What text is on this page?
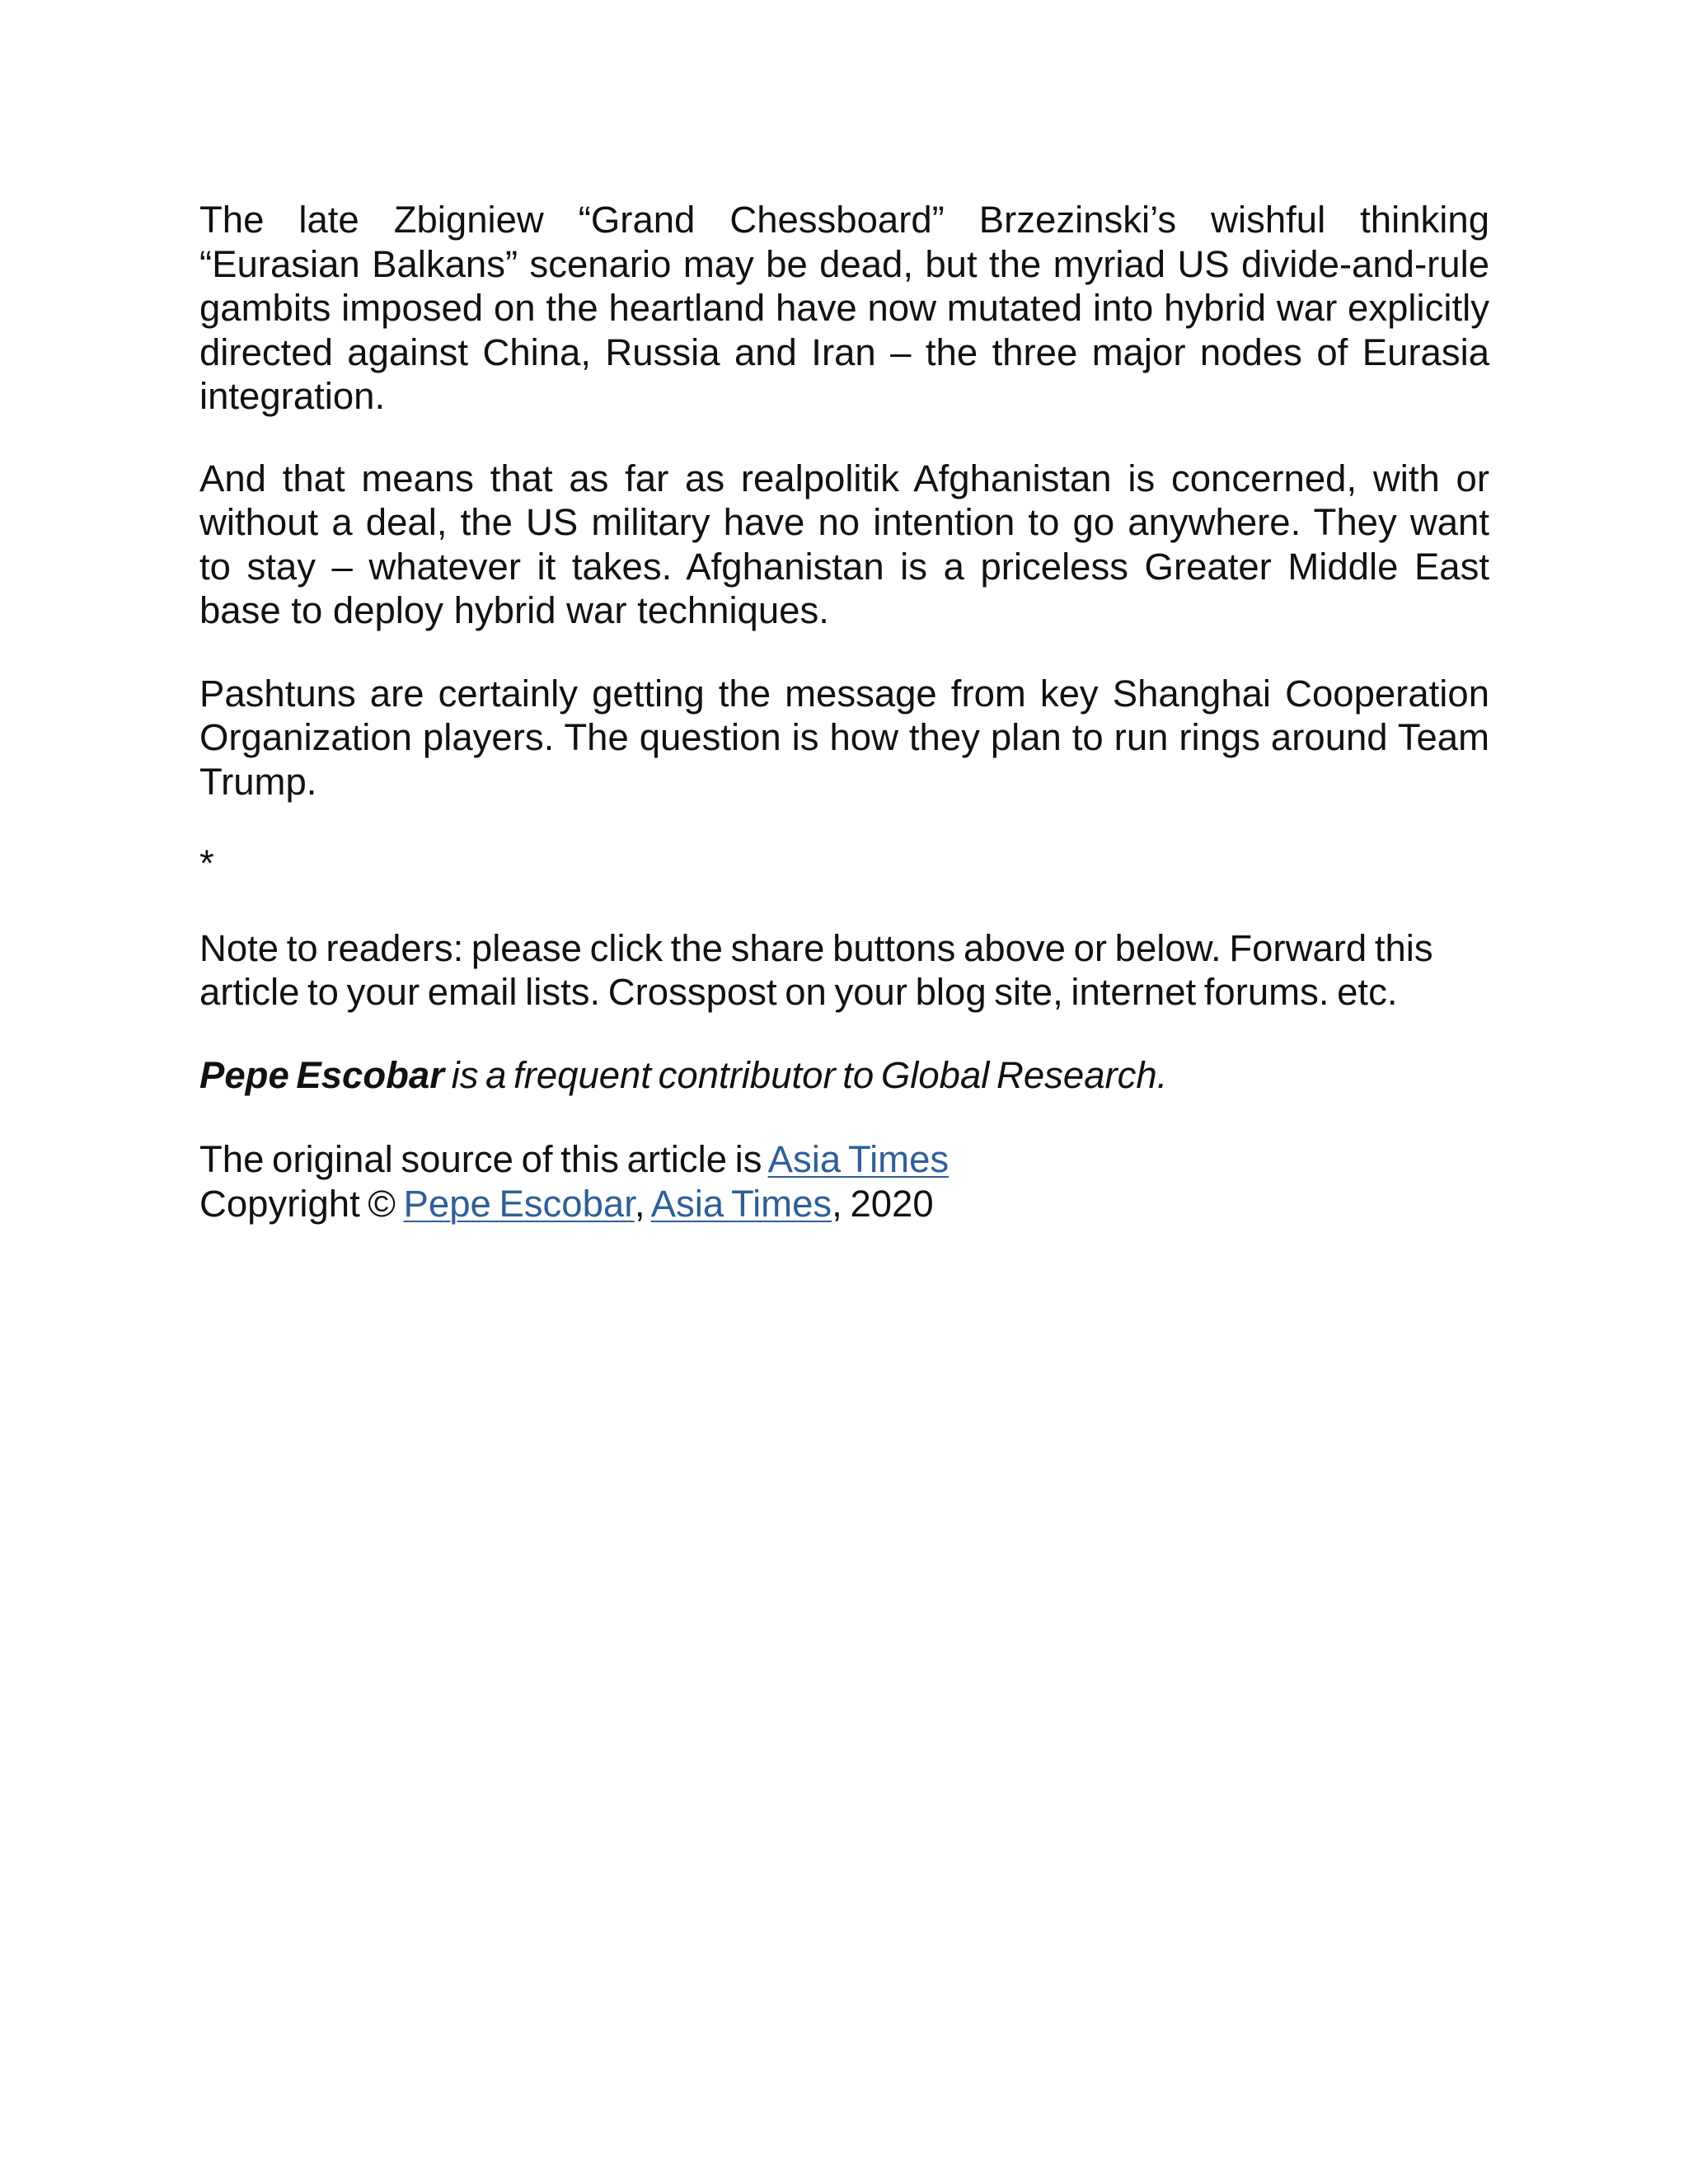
The late Zbigniew “Grand Chessboard” Brzezinski’s wishful thinking “Eurasian Balkans” scenario may be dead, but the myriad US divide-and-rule gambits imposed on the heartland have now mutated into hybrid war explicitly directed against China, Russia and Iran – the three major nodes of Eurasia integration.

And that means that as far as realpolitik Afghanistan is concerned, with or without a deal, the US military have no intention to go anywhere. They want to stay – whatever it takes. Afghanistan is a priceless Greater Middle East base to deploy hybrid war techniques.

Pashtuns are certainly getting the message from key Shanghai Cooperation Organization players. The question is how they plan to run rings around Team Trump.

*

Note to readers: please click the share buttons above or below. Forward this article to your email lists. Crosspost on your blog site, internet forums. etc.

Pepe Escobar is a frequent contributor to Global Research.

The original source of this article is Asia Times

Copyright © Pepe Escobar, Asia Times, 2020
